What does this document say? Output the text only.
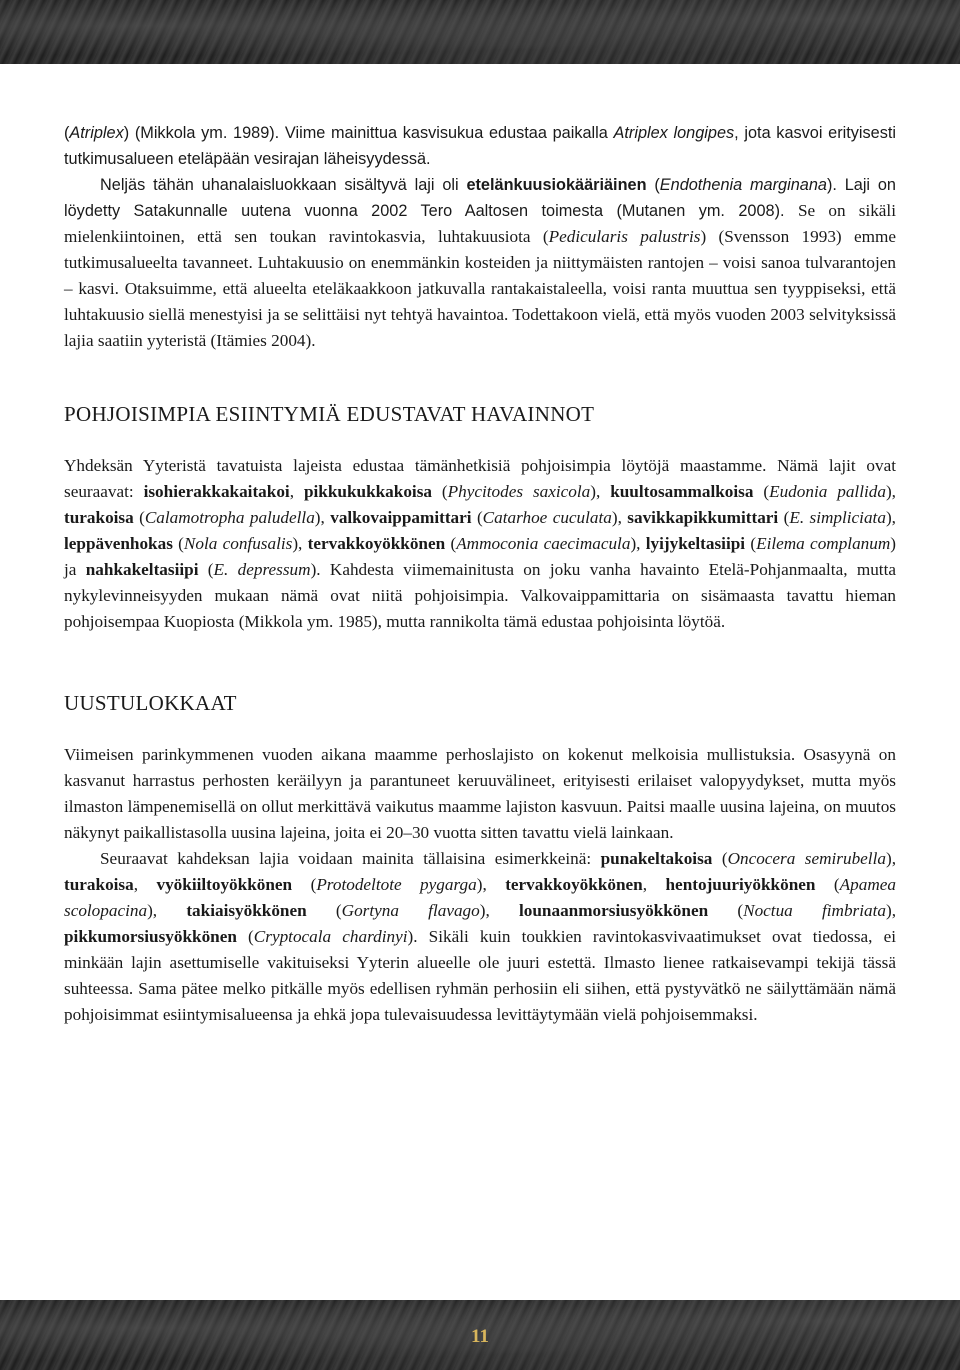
(Atriplex) (Mikkola ym. 1989). Viime mainittua kasvisukua edustaa paikalla Atriplex longipes, jota kasvoi erityisesti tutkimusalueen eteläpään vesirajan läheisyydessä.

Neljäs tähän uhanalaisluokkaan sisältyvä laji oli etelänkuusiokääriäinen (Endothenia marginana). Laji on löydetty Satakunnalle uutena vuonna 2002 Tero Aaltosen toimesta (Mutanen ym. 2008). Se on sikäli mielenkiintoinen, että sen toukan ravintokasvia, luhtakuusiota (Pedicularis palustris) (Svensson 1993) emme tutkimusalueelta tavanneet. Luhtakuusio on enemmänkin kosteiden ja niittymäisten rantojen – voisi sanoa tulvarantojen – kasvi. Otaksuimme, että alueelta eteläkaakkoon jatkuvalla rantakaistaleella, voisi ranta muuttua sen tyyppiseksi, että luhtakuusio siellä menestyisi ja se selittäisi nyt tehtyä havaintoa. Todettakoon vielä, että myös vuoden 2003 selvityksissä lajia saatiin yyteristä (Itämies 2004).

POHJOISIMPIA ESIINTYMIÄ EDUSTAVAT HAVAINNOT

Yhdeksän Yyteristä tavatuista lajeista edustaa tämänhetkisiä pohjoisimpia löytöjä maastamme. Nämä lajit ovat seuraavat: isohierakkakaitakoi, pikkukukkakoisa (Phycitodes saxicola), kuultosammalkoisa (Eudonia pallida), turakoisa (Calamotropha paludella), valkovaippamittari (Catarhoe cuculata), savikkapikkumittari (E. simpliciata), leppävenhokas (Nola confusalis), tervakkoyökkönen (Ammoconia caecimacula), lyijykeltasiipi (Eilema complanum) ja nahkakeltasiipi (E. depressum). Kahdesta viimemainitusta on joku vanha havainto Etelä-Pohjanmaalta, mutta nykylevinneisyyden mukaan nämä ovat niitä pohjoisimpia. Valkovaippamittaria on sisämaasta tavattu hieman pohjoisempaa Kuopiosta (Mikkola ym. 1985), mutta rannikolta tämä edustaa pohjoisinta löytöä.

UUSTULOKKAAT

Viimeisen parinkymmenen vuoden aikana maamme perhoslajisto on kokenut melkoisia mullistuksia. Osasyynä on kasvanut harrastus perhosten keräilyyn ja parantuneet keruuvälineet, erityisesti erilaiset valopyydykset, mutta myös ilmaston lämpenemisellä on ollut merkittävä vaikutus maamme lajiston kasvuun. Paitsi maalle uusina lajeina, on muutos näkynyt paikallistasolla uusina lajeina, joita ei 20–30 vuotta sitten tavattu vielä lainkaan.

Seuraavat kahdeksan lajia voidaan mainita tällaisina esimerkkeinä: punakeltakoisa (Oncocera semirubella), turakoisa, vyökiiltoyökkönen (Protodeltote pygarga), tervakkoyökkönen, hentojuuriyökkönen (Apamea scolopacina), takiaisyökkönen (Gortyna flavago), lounaanmorsiusyökkönen (Noctua fimbriata), pikkumorsiusyökkönen (Cryptocala chardinyi). Sikäli kuin toukkien ravintokasvivaatimukset ovat tiedossa, ei minkään lajin asettumiselle vakituiseksi Yyterin alueelle ole juuri estettä. Ilmasto lienee ratkaisevampi tekijä tässä suhteessa. Sama pätee melko pitkälle myös edellisen ryhmän perhosiin eli siihen, että pystyvätkö ne säilyttämään nämä pohjoisimmat esiintymisalueensa ja ehkä jopa tulevaisuudessa levittäytymään vielä pohjoisemmaksi.

11
